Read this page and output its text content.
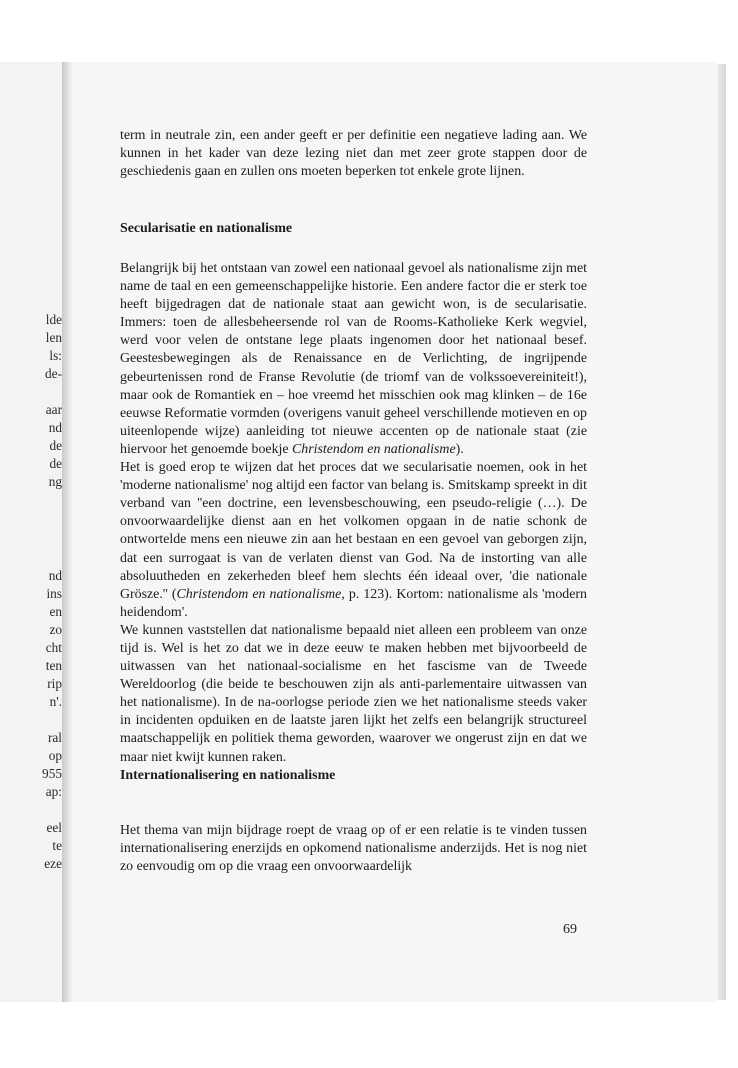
lde
len
ls:
de-
aar
nd
de
de
ng
nd
ins
en
zo
cht
ten
rip
n'.
ral
op
955
ap:
eel
te
eze

term in neutrale zin, een ander geeft er per definitie een negatieve lading aan. We kunnen in het kader van deze lezing niet dan met zeer grote stappen door de geschiedenis gaan en zullen ons moeten beperken tot enkele grote lijnen.

Secularisatie en nationalisme

Belangrijk bij het ontstaan van zowel een nationaal gevoel als nationalisme zijn met name de taal en een gemeenschappelijke historie. Een andere factor die er sterk toe heeft bijgedragen dat de nationale staat aan gewicht won, is de secularisatie. Immers: toen de allesbeheersende rol van de Rooms-Katholieke Kerk wegviel, werd voor velen de ontstane lege plaats ingenomen door het nationaal besef. Geestesbewegingen als de Renaissance en de Verlichting, de ingrijpende gebeurtenissen rond de Franse Revolutie (de triomf van de volkssoevereiniteit!), maar ook de Romantiek en – hoe vreemd het misschien ook mag klinken – de 16e eeuwse Reformatie vormden (overigens vanuit geheel verschillende motieven en op uiteenlopende wijze) aanleiding tot nieuwe accenten op de nationale staat (zie hiervoor het genoemde boekje Christendom en nationalisme).

Het is goed erop te wijzen dat het proces dat we secularisatie noemen, ook in het 'moderne nationalisme' nog altijd een factor van belang is. Smitskamp spreekt in dit verband van ''een doctrine, een levensbeschouwing, een pseudo-religie (…). De onvoorwaardelijke dienst aan en het volkomen opgaan in de natie schonk de ontwortelde mens een nieuwe zin aan het bestaan en een gevoel van geborgen zijn, dat een surrogaat is van de verlaten dienst van God. Na de instorting van alle absoluutheden en zekerheden bleef hem slechts één ideaal over, 'die nationale Grösze.'' (Christendom en nationalisme, p. 123). Kortom: nationalisme als 'modern heidendom'.

We kunnen vaststellen dat nationalisme bepaald niet alleen een probleem van onze tijd is. Wel is het zo dat we in deze eeuw te maken hebben met bijvoorbeeld de uitwassen van het nationaal-socialisme en het fascisme van de Tweede Wereldoorlog (die beide te beschouwen zijn als anti-parlementaire uitwassen van het nationalisme). In de na-oorlogse periode zien we het nationalisme steeds vaker in incidenten opduiken en de laatste jaren lijkt het zelfs een belangrijk structureel maatschappelijk en politiek thema geworden, waarover we ongerust zijn en dat we maar niet kwijt kunnen raken.

Internationalisering en nationalisme

Het thema van mijn bijdrage roept de vraag op of er een relatie is te vinden tussen internationalisering enerzijds en opkomend nationalisme anderzijds. Het is nog niet zo eenvoudig om op die vraag een onvoorwaardelijk

69
